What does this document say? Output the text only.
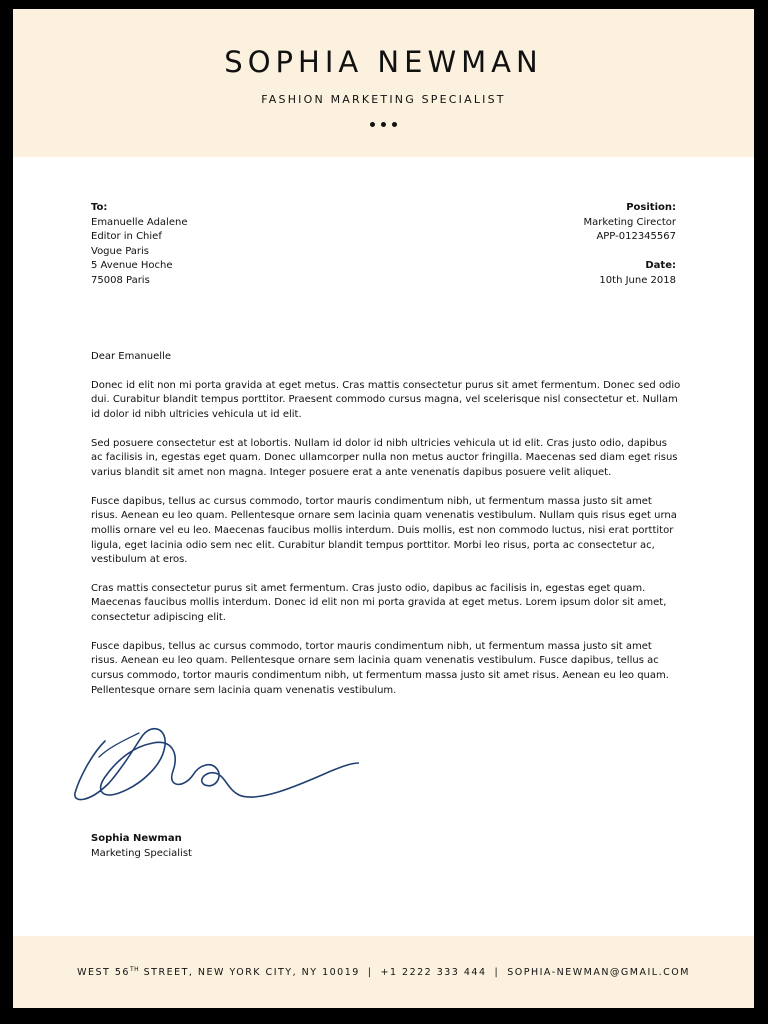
SOPHIA NEWMAN
FASHION MARKETING SPECIALIST
To:
Emanuelle Adalene
Editor in Chief
Vogue Paris
5 Avenue Hoche
75008 Paris
Position:
Marketing Cirector
APP-012345567
Date:
10th June 2018

Dear Emanuelle

Donec id elit non mi porta gravida at eget metus. Cras mattis consectetur purus sit amet fermentum. Donec sed odio dui. Curabitur blandit tempus porttitor. Praesent commodo cursus magna, vel scelerisque nisl consectetur et. Nullam id dolor id nibh ultricies vehicula ut id elit.

Sed posuere consectetur est at lobortis. Nullam id dolor id nibh ultricies vehicula ut id elit. Cras justo odio, dapibus ac facilisis in, egestas eget quam. Donec ullamcorper nulla non metus auctor fringilla. Maecenas sed diam eget risus varius blandit sit amet non magna. Integer posuere erat a ante venenatis dapibus posuere velit aliquet.

Fusce dapibus, tellus ac cursus commodo, tortor mauris condimentum nibh, ut fermentum massa justo sit amet risus. Aenean eu leo quam. Pellentesque ornare sem lacinia quam venenatis vestibulum. Nullam quis risus eget urna mollis ornare vel eu leo. Maecenas faucibus mollis interdum. Duis mollis, est non commodo luctus, nisi erat porttitor ligula, eget lacinia odio sem nec elit. Curabitur blandit tempus porttitor. Morbi leo risus, porta ac consectetur ac, vestibulum at eros.

Cras mattis consectetur purus sit amet fermentum. Cras justo odio, dapibus ac facilisis in, egestas eget quam. Maecenas faucibus mollis interdum. Donec id elit non mi porta gravida at eget metus. Lorem ipsum dolor sit amet, consectetur adipiscing elit.

Fusce dapibus, tellus ac cursus commodo, tortor mauris condimentum nibh, ut fermentum massa justo sit amet risus. Aenean eu leo quam. Pellentesque ornare sem lacinia quam venenatis vestibulum. Fusce dapibus, tellus ac cursus commodo, tortor mauris condimentum nibh, ut fermentum massa justo sit amet risus. Aenean eu leo quam. Pellentesque ornare sem lacinia quam venenatis vestibulum.

Sophia Newman
Marketing Specialist
WEST 56TH STREET, NEW YORK CITY, NY 10019 | +1 2222 333 444 | SOPHIA-NEWMAN@GMAIL.COM
